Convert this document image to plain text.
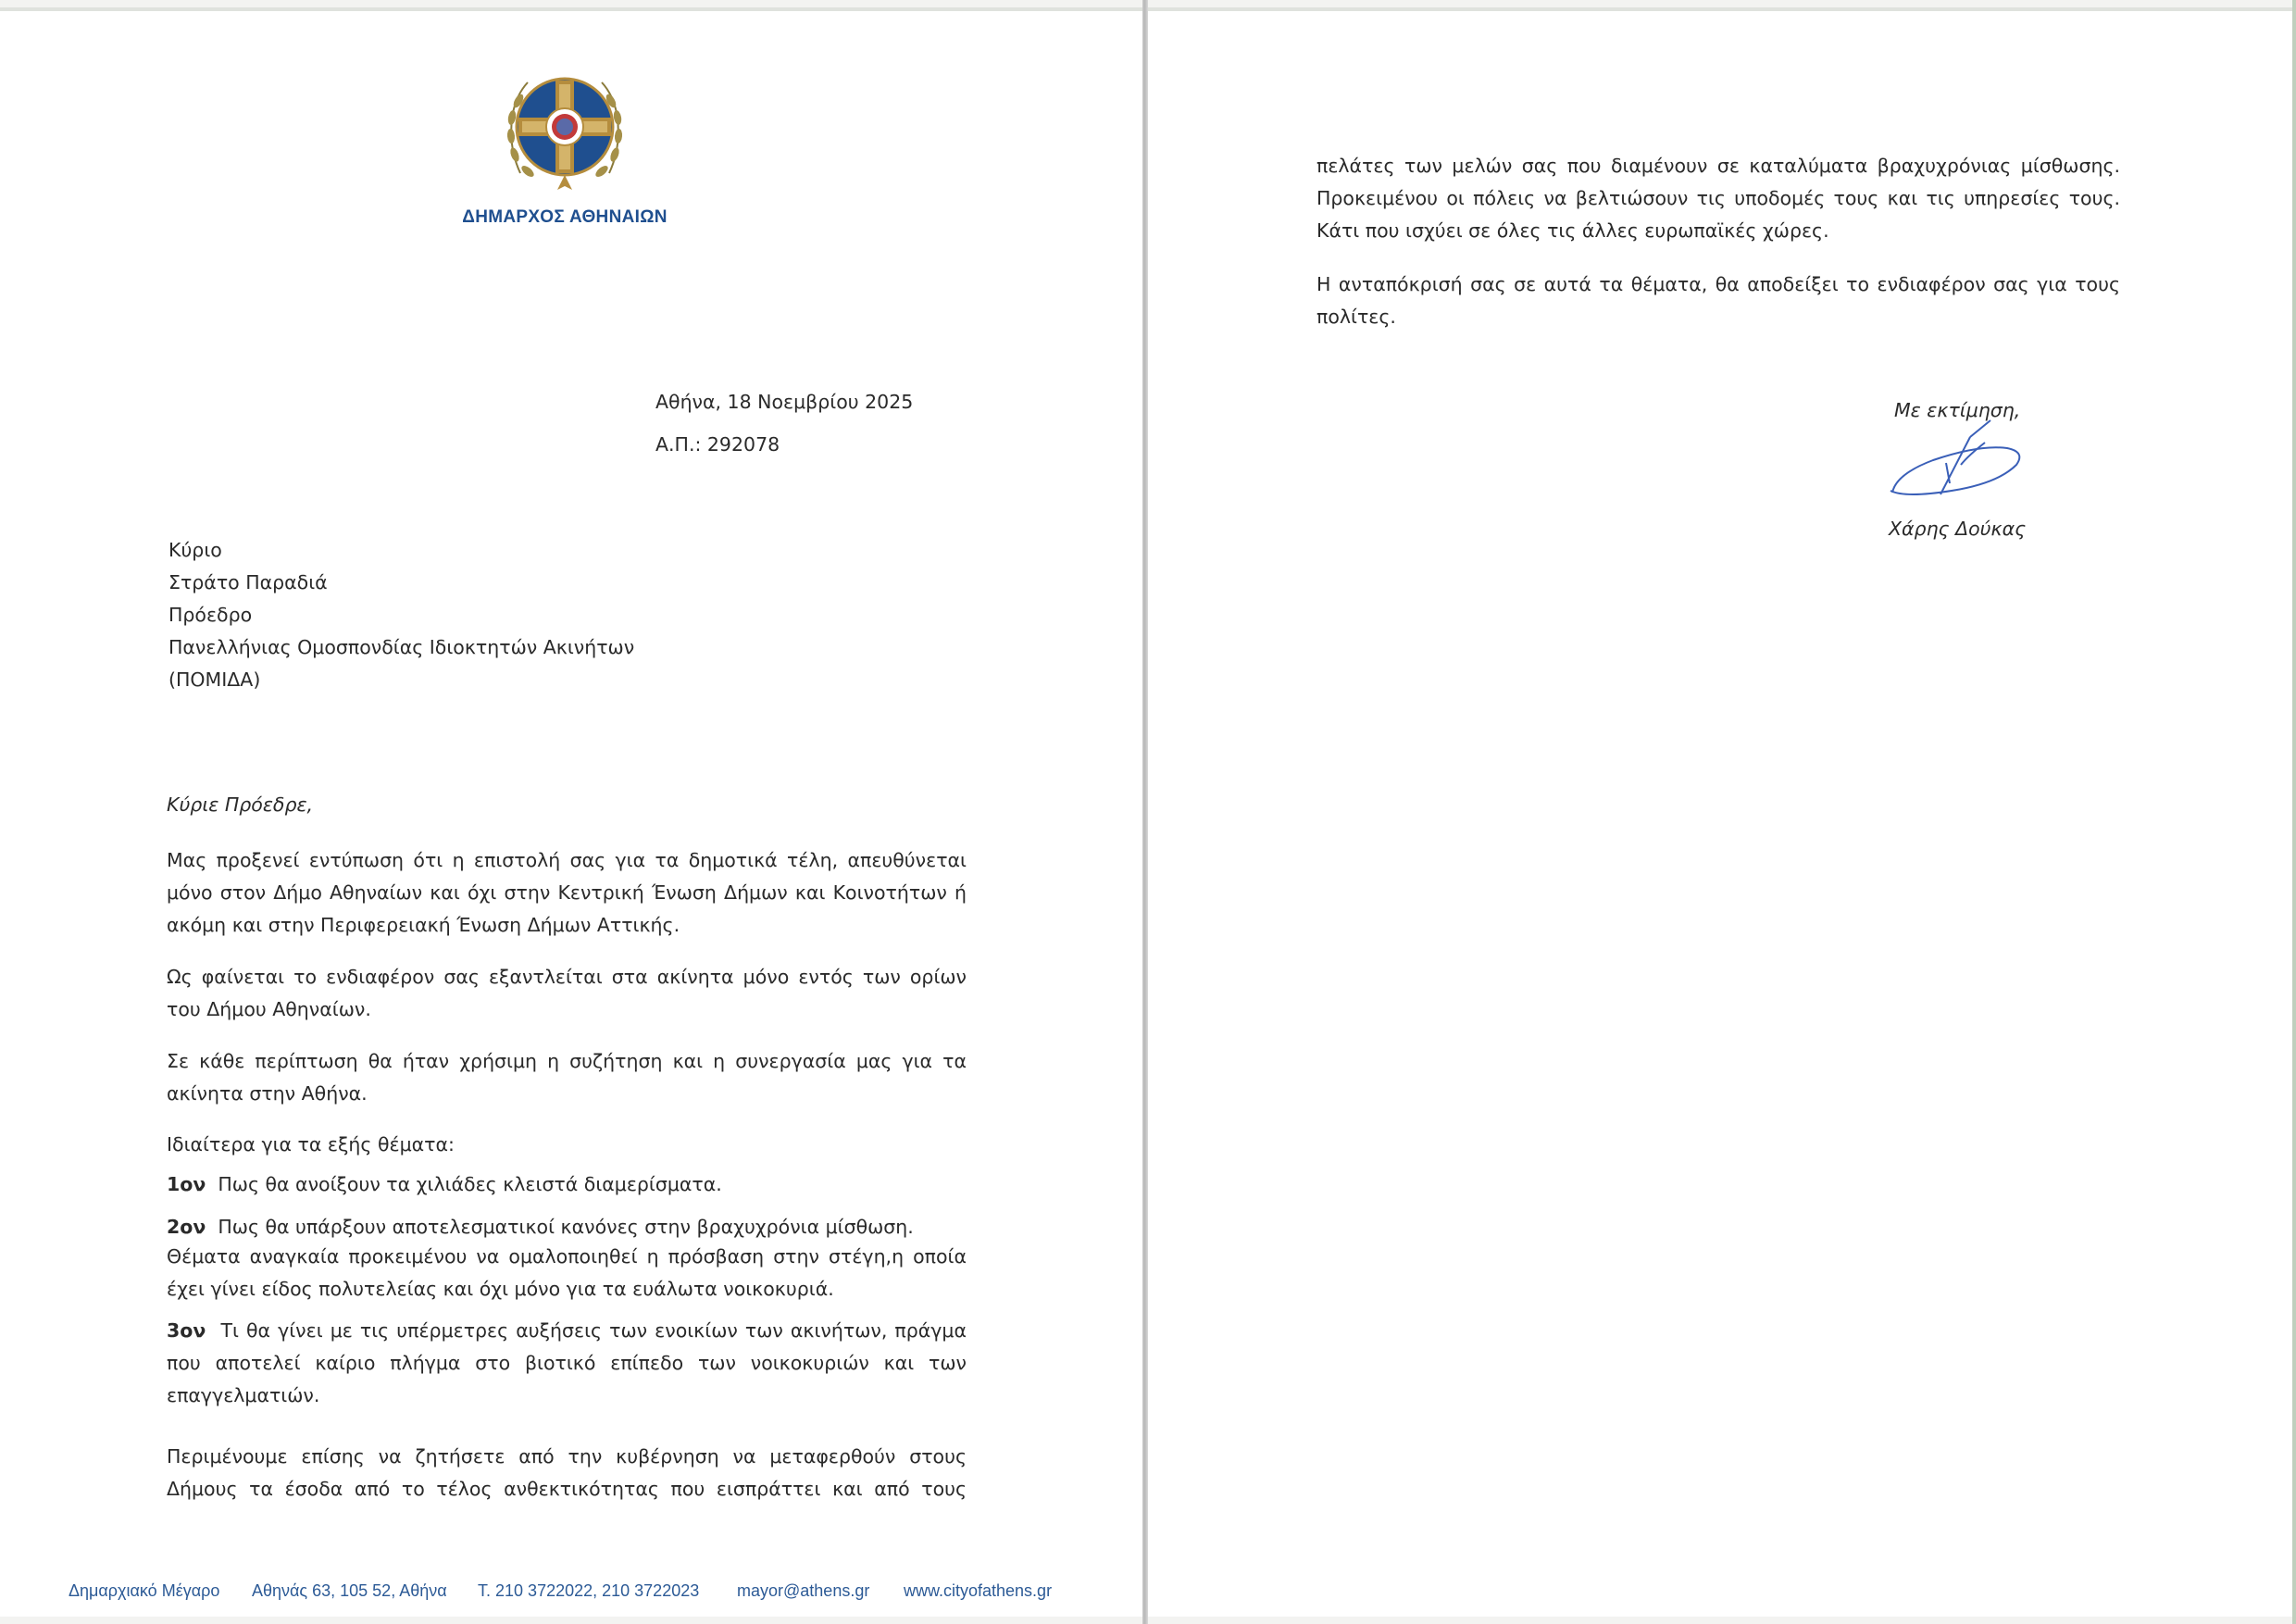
ΔΗΜΑΡΧΟΣ ΑΘΗΝΑΙΩΝ
Αθήνα, 18 Νοεμβρίου 2025
Α.Π.: 292078
Κύριο
Στράτο Παραδιά
Πρόεδρο
Πανελλήνιας Ομοσπονδίας Ιδιοκτητών Ακινήτων
(ΠΟΜΙΔΑ)
Κύριε Πρόεδρε,
Μας προξενεί εντύπωση ότι η επιστολή σας για τα δημοτικά τέλη, απευθύνεται μόνο στον Δήμο Αθηναίων και όχι στην Κεντρική Ένωση Δήμων και Κοινοτήτων ή ακόμη και στην Περιφερειακή Ένωση Δήμων Αττικής.
Ως φαίνεται το ενδιαφέρον σας εξαντλείται στα ακίνητα μόνο εντός των ορίων του Δήμου Αθηναίων.
Σε κάθε περίπτωση θα ήταν χρήσιμη η συζήτηση και η συνεργασία μας για τα ακίνητα στην Αθήνα.
Ιδιαίτερα για τα εξής θέματα:
1ον Πως θα ανοίξουν τα χιλιάδες κλειστά διαμερίσματα.
2ον Πως θα υπάρξουν αποτελεσματικοί κανόνες στην βραχυχρόνια μίσθωση.
Θέματα αναγκαία προκειμένου να ομαλοποιηθεί η πρόσβαση στην στέγη,η οποία έχει γίνει είδος πολυτελείας και όχι μόνο για τα ευάλωτα νοικοκυριά.
3ον Τι θα γίνει με τις υπέρμετρες αυξήσεις των ενοικίων των ακινήτων, πράγμα που αποτελεί καίριο πλήγμα στο βιοτικό επίπεδο των νοικοκυριών και των επαγγελματιών.
Περιμένουμε επίσης να ζητήσετε από την κυβέρνηση να μεταφερθούν στους Δήμους τα έσοδα από το τέλος ανθεκτικότητας που εισπράττει και από τους
Δημαρχιακό Μέγαρο Αθηνάς 63, 105 52, Αθήνα Τ. 210 3722022, 210 3722023 mayor@athens.gr www.cityofathens.gr
πελάτες των μελών σας που διαμένουν σε καταλύματα βραχυχρόνιας μίσθωσης. Προκειμένου οι πόλεις να βελτιώσουν τις υποδομές τους και τις υπηρεσίες τους. Κάτι που ισχύει σε όλες τις άλλες ευρωπαϊκές χώρες.
Η ανταπόκρισή σας σε αυτά τα θέματα, θα αποδείξει το ενδιαφέρον σας για τους πολίτες.
Με εκτίμηση,
Χάρης Δούκας
